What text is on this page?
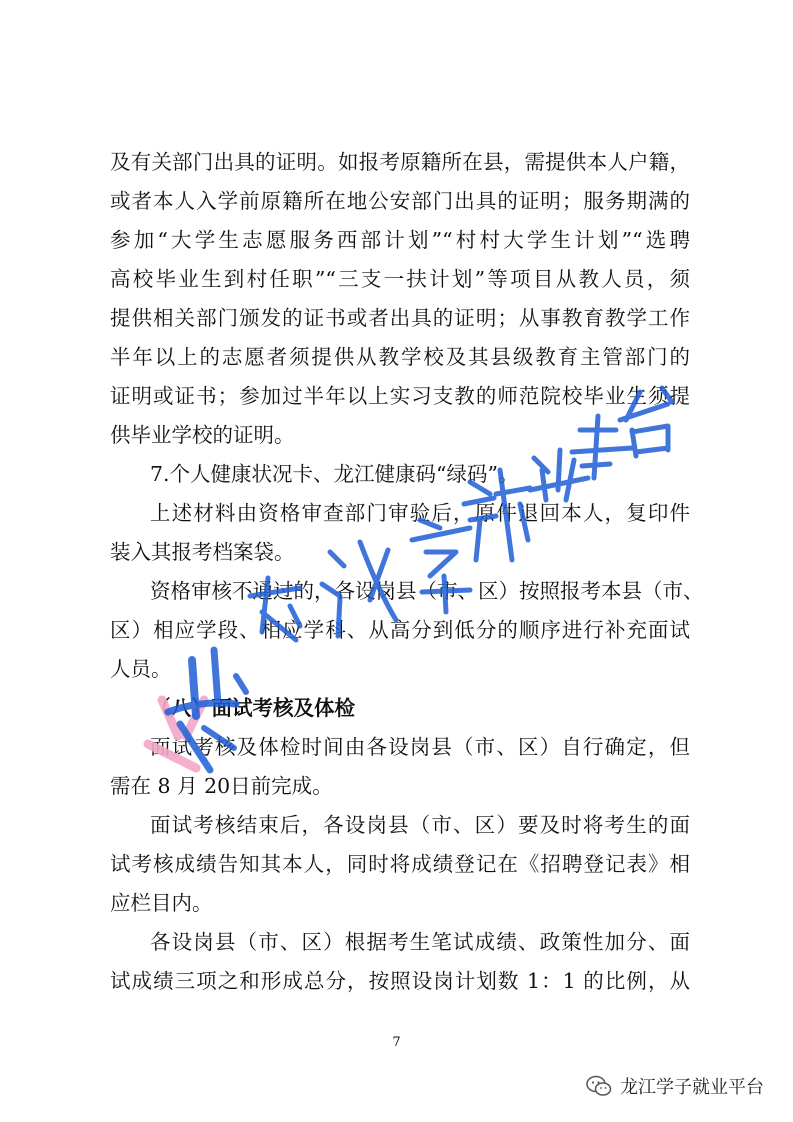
及有关部门出具的证明。如报考原籍所在县，需提供本人户籍，
或者本人入学前原籍所在地公安部门出具的证明；服务期满的
参加“大学生志愿服务西部计划”“村村大学生计划”“选聘
高校毕业生到村任职”“三支一扶计划”等项目从教人员，须
提供相关部门颁发的证书或者出具的证明；从事教育教学工作
半年以上的志愿者须提供从教学校及其县级教育主管部门的
证明或证书；参加过半年以上实习支教的师范院校毕业生须提
供毕业学校的证明。
7.个人健康状况卡、龙江健康码“绿码”。
上述材料由资格审查部门审验后，原件退回本人，复印件
装入其报考档案袋。
资格审核不通过的，各设岗县（市、区）按照报考本县（市、
区）相应学段、相应学科、从高分到低分的顺序进行补充面试
人员。
（八）面试考核及体检
面试考核及体检时间由各设岗县（市、区）自行确定，但
需在 8 月 20日前完成。
面试考核结束后，各设岗县（市、区）要及时将考生的面
试考核成绩告知其本人，同时将成绩登记在《招聘登记表》相
应栏目内。
各设岗县（市、区）根据考生笔试成绩、政策性加分、面
试成绩三项之和形成总分，按照设岗计划数 1：1 的比例，从
7
龙江学子就业平台
